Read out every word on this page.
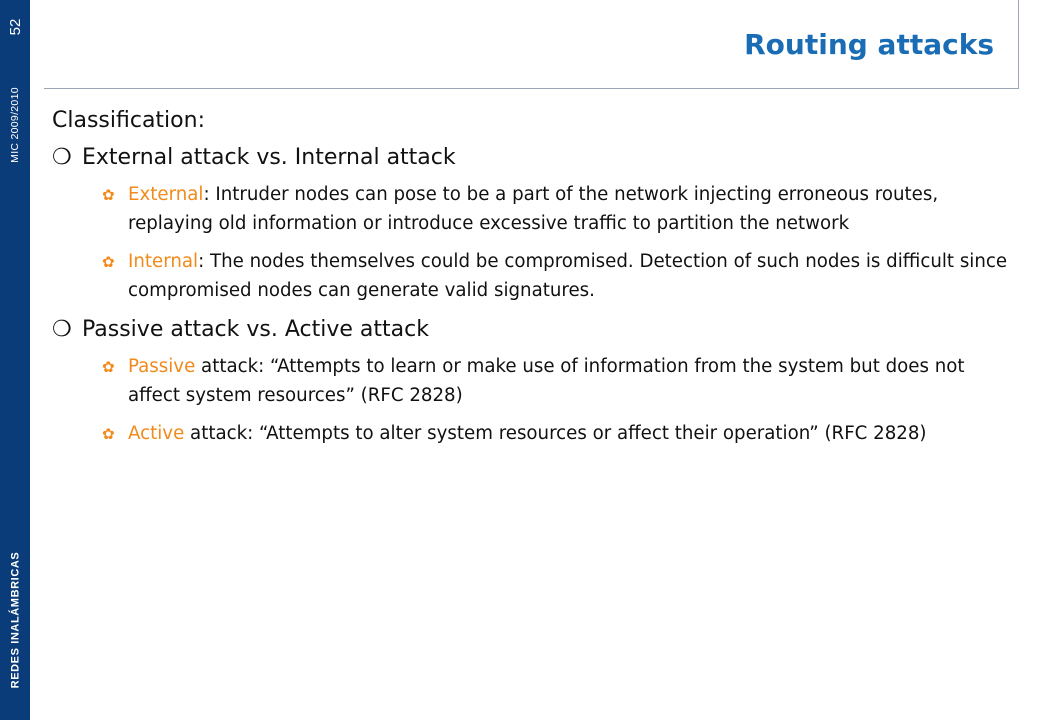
52
MIC 2009/2010
REDES INALÁMBRICAS
Routing attacks

Classification:

❍ External attack vs. Internal attack
✿ External: Intruder nodes can pose to be a part of the network injecting erroneous routes, replaying old information or introduce excessive traffic to partition the network
✿ Internal: The nodes themselves could be compromised. Detection of such nodes is difficult since compromised nodes can generate valid signatures.
❍ Passive attack vs. Active attack
✿ Passive attack: “Attempts to learn or make use of information from the system but does not affect system resources” (RFC 2828)
✿ Active attack: “Attempts to alter system resources or affect their operation” (RFC 2828)
